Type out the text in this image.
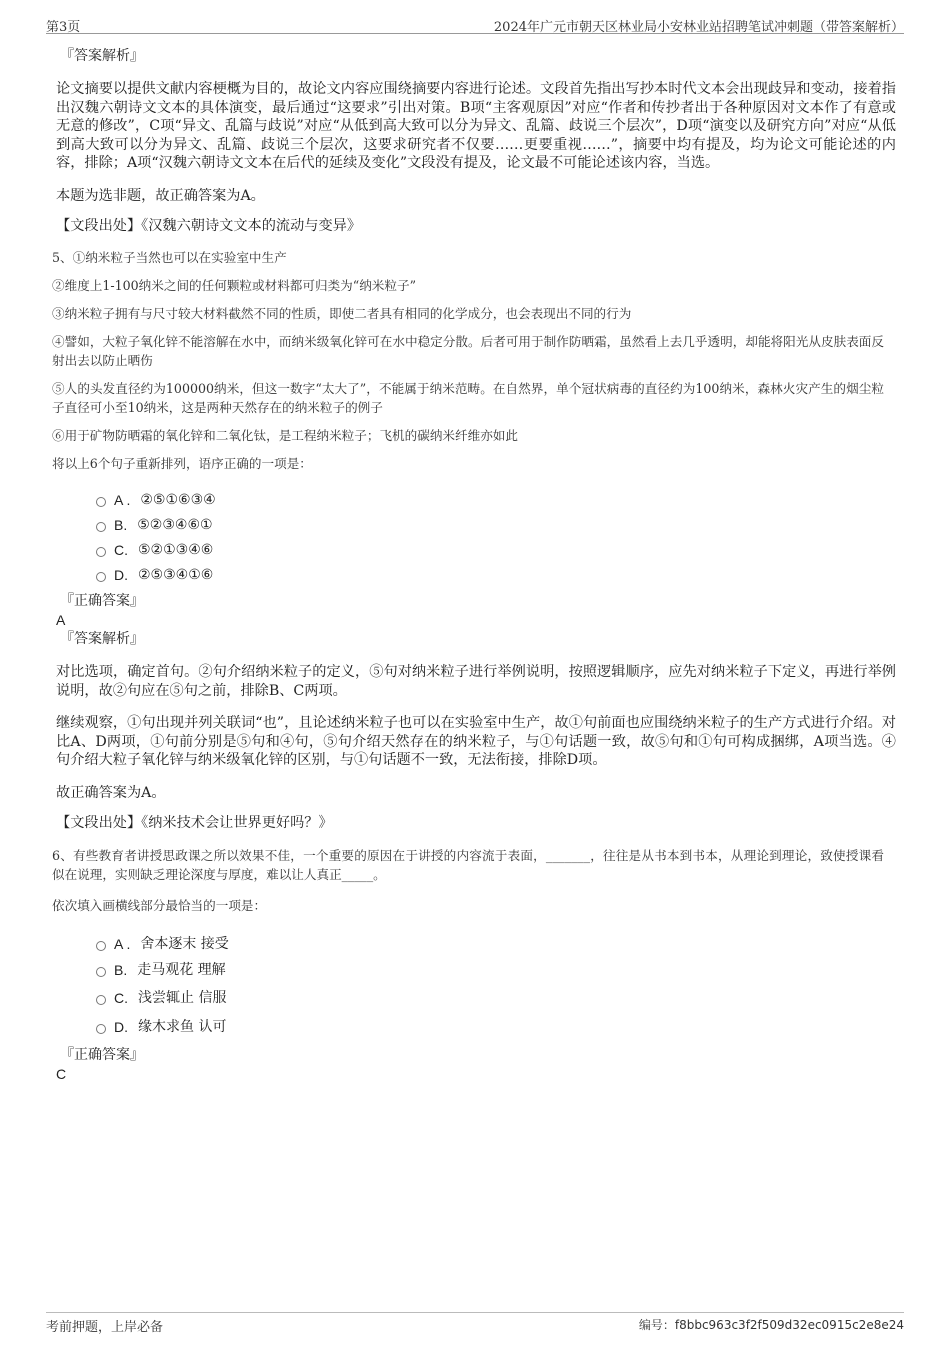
第3页	2024年广元市朝天区林业局小安林业站招聘笔试冲刺题（带答案解析）
『答案解析』
论文摘要以提供文献内容梗概为目的，故论文内容应围绕摘要内容进行论述。文段首先指出写抄本时代文本会出现歧异和变动，接着指出汉魏六朝诗文文本的具体演变，最后通过“这要求”引出对策。B项“主客观原因”对应“作者和传抄者出于各种原因对文本作了有意或无意的修改”，C项“异文、乱篇与歧说”对应“从低到高大致可以分为异文、乱篇、歧说三个层次”，D项“演变以及研究方向”对应“从低到高大致可以分为异文、乱篇、歧说三个层次，这要求研究者不仅要……更要重视……”，摘要中均有提及，均为论文可能论述的内容，排除；A项“汉魏六朝诗文文本在后代的延续及变化”文段没有提及，论文最不可能论述该内容，当选。
本题为选非题，故正确答案为A。
【文段出处】《汉魏六朝诗文文本的流动与变异》
5、①纳米粒子当然也可以在实验室中生产
②维度上1-100纳米之间的任何颗粒或材料都可归类为“纳米粒子”
③纳米粒子拥有与尺寸较大材料截然不同的性质，即使二者具有相同的化学成分，也会表现出不同的行为
④譬如，大粒子氧化锌不能溶解在水中，而纳米级氧化锌可在水中稳定分散。后者可用于制作防晒霜，虽然看上去几乎透明，却能将阳光从皮肤表面反射出去以防止晒伤
⑤人的头发直径约为100000纳米，但这一数字“太大了”，不能属于纳米范畴。在自然界，单个冠状病毒的直径约为100纳米，森林火灾产生的烟尘粒子直径可小至10纳米，这是两种天然存在的纳米粒子的例子
⑥用于矿物防晒霜的氧化锌和二氧化钛，是工程纳米粒子；飞机的碳纳米纤维亦如此
将以上6个句子重新排列，语序正确的一项是：
A . ②⑤①⑥③④
B. ⑤②③④⑥①
C. ⑤②①③④⑥
D. ②⑤③④①⑥
『正确答案』
A
『答案解析』
对比选项，确定首句。②句介绍纳米粒子的定义，⑤句对纳米粒子进行举例说明，按照逻辑顺序，应先对纳米粒子下定义，再进行举例说明，故②句应在⑤句之前，排除B、C两项。
继续观察，①句出现并列关联词“也”，且论述纳米粒子也可以在实验室中生产，故①句前面也应围绕纳米粒子的生产方式进行介绍。对比A、D两项，①句前分别是⑤句和④句，⑤句介绍天然存在的纳米粒子，与①句话题一致，故⑤句和①句可构成捆绑，A项当选。④句介绍大粒子氧化锌与纳米级氧化锌的区别，与①句话题不一致，无法衔接，排除D项。
故正确答案为A。
【文段出处】《纳米技术会让世界更好吗？》
6、有些教育者讲授思政课之所以效果不佳，一个重要的原因在于讲授的内容流于表面，_______，往往是从书本到书本，从理论到理论，致使授课看似在说理，实则缺乏理论深度与厚度，难以让人真正_____。
依次填入画横线部分最恰当的一项是：
A . 舍本逐末 接受
B. 走马观花 理解
C. 浅尝辄止 信服
D. 缘木求鱼 认可
『正确答案』
C
考前押题，上岸必备	编号：f8bbc963c3f2f509d32ec0915c2e8e24
